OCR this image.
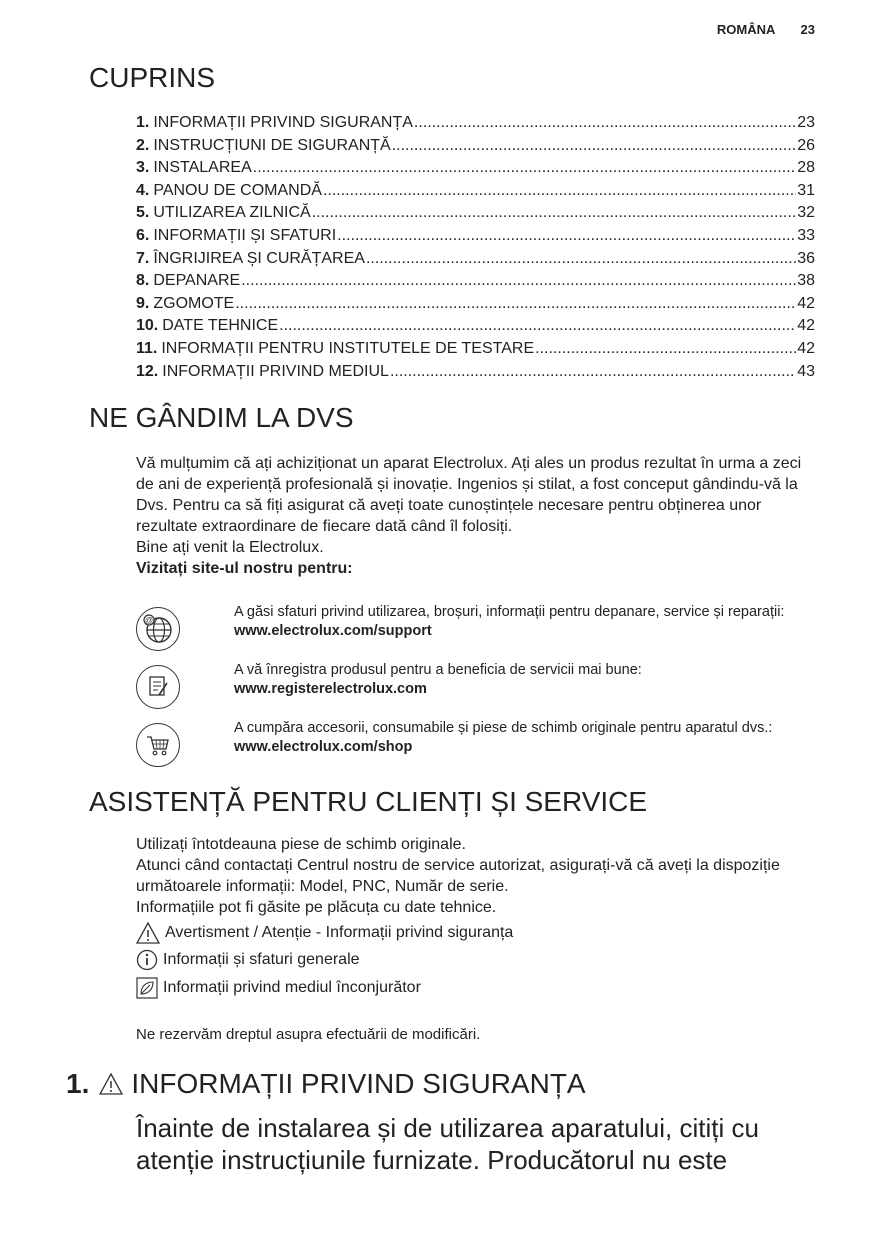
ROMÂNA 23
CUPRINS
1. INFORMAȚII PRIVIND SIGURANȚA .....	23
2. INSTRUCȚIUNI DE SIGURANȚĂ .....	26
3. INSTALAREA .....	28
4. PANOU DE COMANDĂ .....	31
5. UTILIZAREA ZILNICĂ .....	32
6. INFORMAȚII ȘI SFATURI .....	33
7. ÎNGRIJIREA ȘI CURĂȚAREA .....	36
8. DEPANARE .....	38
9. ZGOMOTE .....	42
10. DATE TEHNICE .....	42
11. INFORMAȚII PENTRU INSTITUTELE DE TESTARE .....	42
12. INFORMAȚII PRIVIND MEDIUL .....	43
NE GÂNDIM LA DVS

Vă mulțumim că ați achiziționat un aparat Electrolux. Ați ales un produs rezultat în urma a zeci de ani de experiență profesională și inovație. Ingenios și stilat, a fost conceput gândindu-vă la Dvs. Pentru ca să fiți asigurat că aveți toate cunoștințele necesare pentru obținerea unor rezultate extraordinare de fiecare dată când îl folosiți.

Bine ați venit la Electrolux.

Vizitați site-ul nostru pentru:

@
A găsi sfaturi privind utilizarea, broșuri, informații pentru depanare, service și reparații:
www.electrolux.com/support
A vă înregistra produsul pentru a beneficia de servicii mai bune:
www.registerelectrolux.com
A cumpăra accesorii, consumabile și piese de schimb originale pentru aparatul dvs.:
www.electrolux.com/shop
ASISTENȚĂ PENTRU CLIENȚI ȘI SERVICE

Utilizați întotdeauna piese de schimb originale.

Atunci când contactați Centrul nostru de service autorizat, asigurați-vă că aveți la dispoziție următoarele informații: Model, PNC, Număr de serie.

Informațiile pot fi găsite pe plăcuța cu date tehnice.

Avertisment / Atenție - Informații privind siguranța
Informații și sfaturi generale
Informații privind mediul înconjurător

Ne rezervăm dreptul asupra efectuării de modificări.

1. INFORMAȚII PRIVIND SIGURANȚA
Înainte de instalarea și de utilizarea aparatului, citiți cu atenție instrucțiunile furnizate. Producătorul nu este
